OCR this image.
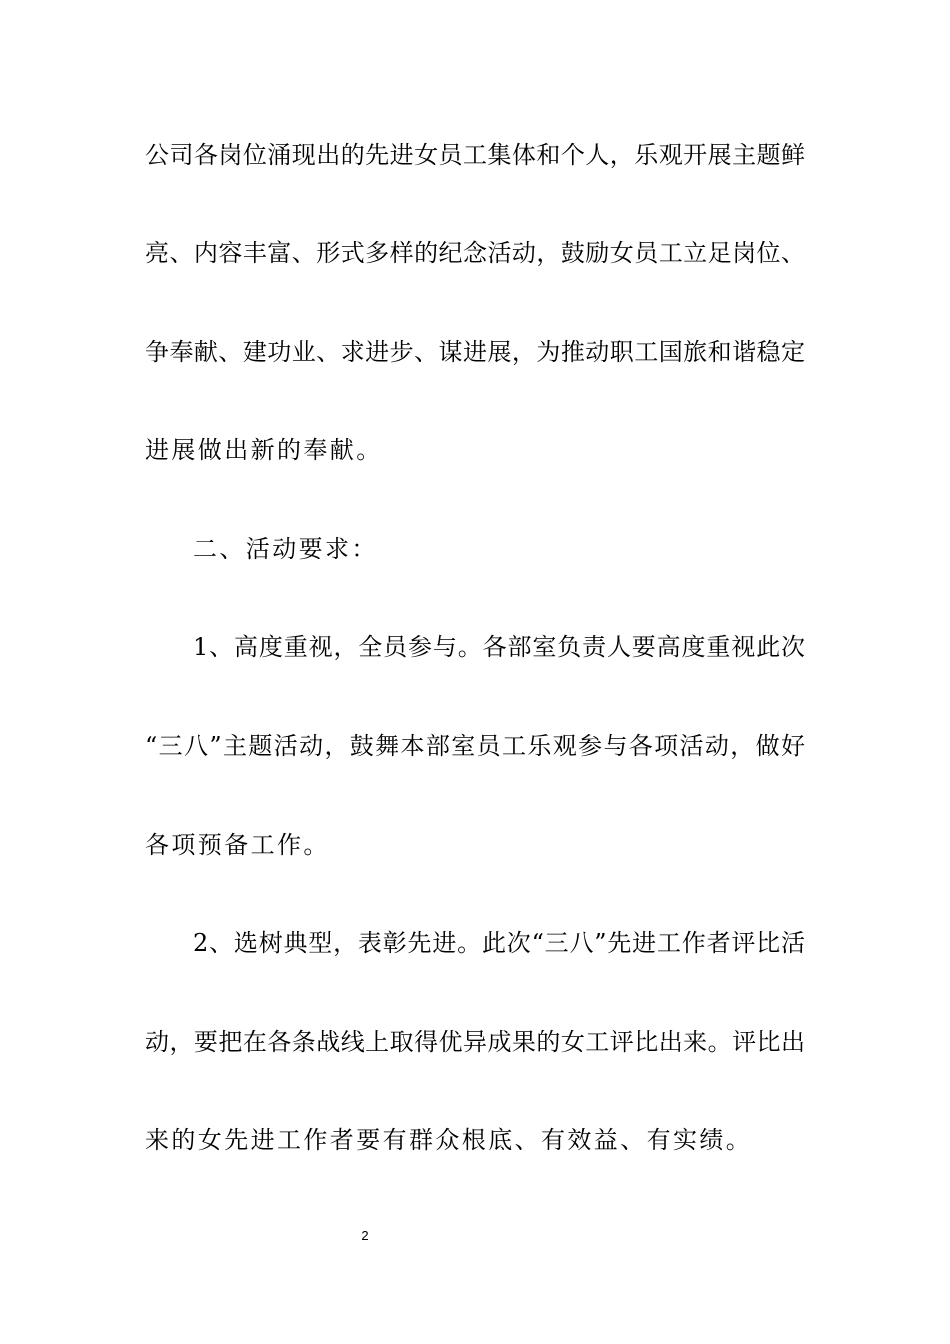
公司各岗位涌现出的先进女员工集体和个人，乐观开展主题鲜
亮、内容丰富、形式多样的纪念活动，鼓励女员工立足岗位、
争奉献、建功业、求进步、谋进展，为推动职工国旅和谐稳定
进展做出新的奉献。
二、活动要求：
1、高度重视，全员参与。各部室负责人要高度重视此次
“三八”主题活动，鼓舞本部室员工乐观参与各项活动，做好
各项预备工作。
2、选树典型，表彰先进。此次“三八”先进工作者评比活
动，要把在各条战线上取得优异成果的女工评比出来。评比出
来的女先进工作者要有群众根底、有效益、有实绩。
2
